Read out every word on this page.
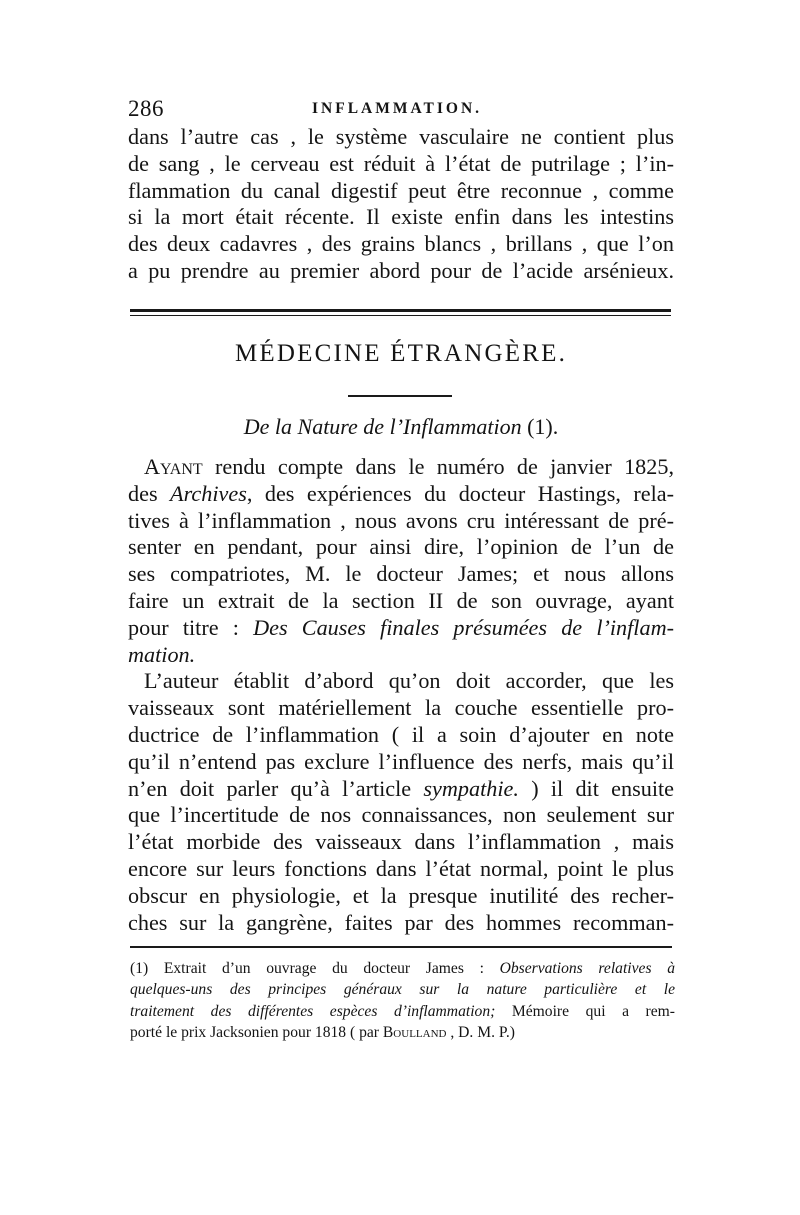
286	INFLAMMATION.
dans l’autre cas , le système vasculaire ne contient plus
de sang , le cerveau est réduit à l’état de putrilage ; l’in-
flammation du canal digestif peut être reconnue , comme
si la mort était récente. Il existe enfin dans les intestins
des deux cadavres , des grains blancs , brillans , que l’on
a pu prendre au premier abord pour de l’acide arsénieux.
MÉDECINE ÉTRANGÈRE.
De la Nature de l’Inflammation (1).
Ayant rendu compte dans le numéro de janvier 1825,
des Archives, des expériences du docteur Hastings, rela-
tives à l’inflammation , nous avons cru intéressant de pré-
senter en pendant, pour ainsi dire, l’opinion de l’un de
ses compatriotes, M. le docteur James; et nous allons
faire un extrait de la section II de son ouvrage, ayant
pour titre : Des Causes finales présumées de l’inflam-
mation.
L’auteur établit d’abord qu’on doit accorder, que les
vaisseaux sont matériellement la couche essentielle pro-
ductrice de l’inflammation ( il a soin d’ajouter en note
qu’il n’entend pas exclure l’influence des nerfs, mais qu’il
n’en doit parler qu’à l’article sympathie. ) il dit ensuite
que l’incertitude de nos connaissances, non seulement sur
l’état morbide des vaisseaux dans l’inflammation , mais
encore sur leurs fonctions dans l’état normal, point le plus
obscur en physiologie, et la presque inutilité des recher-
ches sur la gangrène, faites par des hommes recomman-
(1) Extrait d’un ouvrage du docteur James : Observations relatives à
quelques-uns des principes généraux sur la nature particulière et le
traitement des différentes espèces d’inflammation; Mémoire qui a rem-
porté le prix Jacksonien pour 1818 ( par Boulland , D. M. P.)
